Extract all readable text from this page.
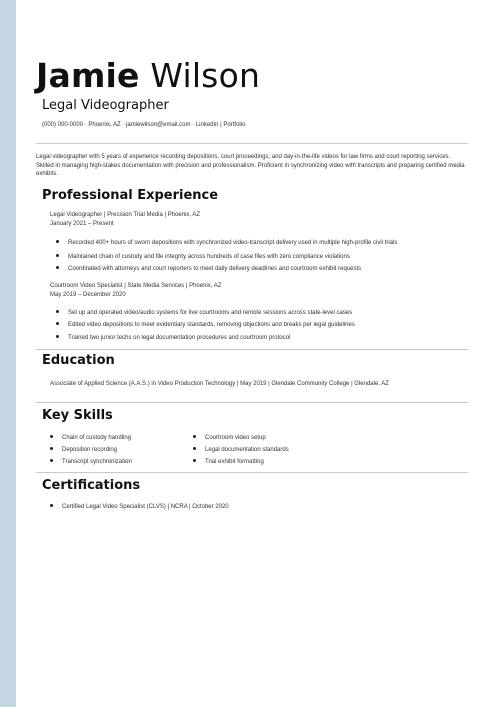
Jamie Wilson
Legal Videographer
(000) 000-0000 · Phoenix, AZ · jamiewilson@email.com · LinkedIn | Portfolio
Legal videographer with 5 years of experience recording depositions, court proceedings, and day-in-the-life videos for law firms and court reporting services. Skilled in managing high-stakes documentation with precision and professionalism. Proficient in synchronizing video with transcripts and preparing certified media exhibits.
Professional Experience
Legal Videographer | Precision Trial Media | Phoenix, AZ
January 2021 – Present
Recorded 400+ hours of sworn depositions with synchronized video-transcript delivery used in multiple high-profile civil trials
Maintained chain of custody and file integrity across hundreds of case files with zero compliance violations
Coordinated with attorneys and court reporters to meet daily delivery deadlines and courtroom exhibit requests
Courtroom Video Specialist | State Media Services | Phoenix, AZ
May 2019 – December 2020
Set up and operated video/audio systems for live courtrooms and remote sessions across state-level cases
Edited video depositions to meet evidentiary standards, removing objections and breaks per legal guidelines
Trained two junior techs on legal documentation procedures and courtroom protocol
Education
Associate of Applied Science (A.A.S.) in Video Production Technology | May 2019 | Glendale Community College | Glendale, AZ
Key Skills
Chain of custody handling
Deposition recording
Transcript synchronization
Courtroom video setup
Legal documentation standards
Trial exhibit formatting
Certifications
Certified Legal Video Specialist (CLVS) | NCRA | October 2020
